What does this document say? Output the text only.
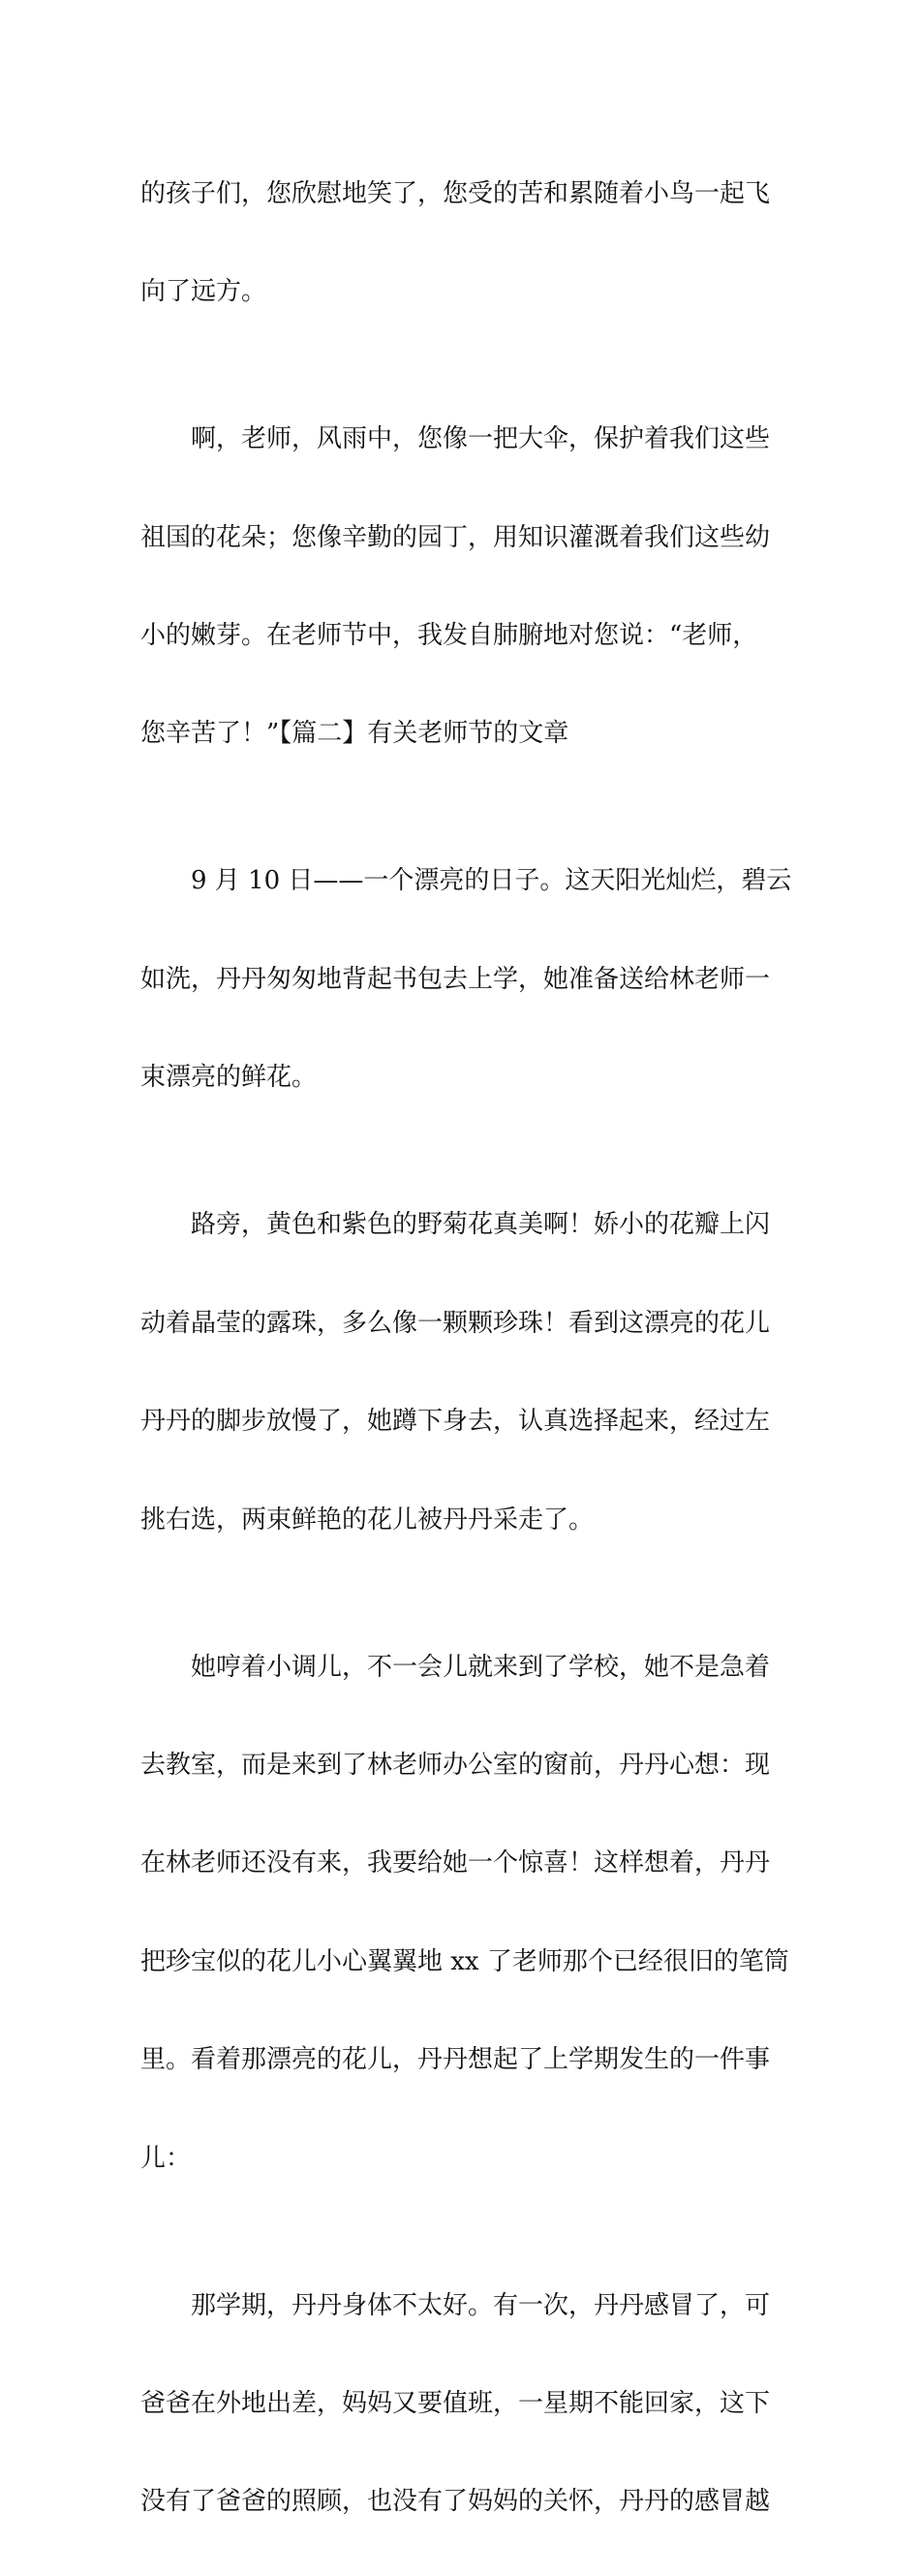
的孩子们，您欣慰地笑了，您受的苦和累随着小鸟一起飞

向了远方。

　　啊，老师，风雨中，您像一把大伞，保护着我们这些

祖国的花朵；您像辛勤的园丁，用知识灌溉着我们这些幼

小的嫩芽。在老师节中，我发自肺腑地对您说：“老师，

您辛苦了！”【篇二】有关老师节的文章

　　9 月 10 日——一个漂亮的日子。这天阳光灿烂，碧云

如洗，丹丹匆匆地背起书包去上学，她准备送给林老师一

束漂亮的鲜花。

　　路旁，黄色和紫色的野菊花真美啊！娇小的花瓣上闪

动着晶莹的露珠，多么像一颗颗珍珠！看到这漂亮的花儿

丹丹的脚步放慢了，她蹲下身去，认真选择起来，经过左

挑右选，两束鲜艳的花儿被丹丹采走了。

　　她哼着小调儿，不一会儿就来到了学校，她不是急着

去教室，而是来到了林老师办公室的窗前，丹丹心想：现

在林老师还没有来，我要给她一个惊喜！这样想着，丹丹

把珍宝似的花儿小心翼翼地 xx 了老师那个已经很旧的笔筒

里。看着那漂亮的花儿，丹丹想起了上学期发生的一件事

儿：

　　那学期，丹丹身体不太好。有一次，丹丹感冒了，可

爸爸在外地出差，妈妈又要值班，一星期不能回家，这下

没有了爸爸的照顾，也没有了妈妈的关怀，丹丹的感冒越
